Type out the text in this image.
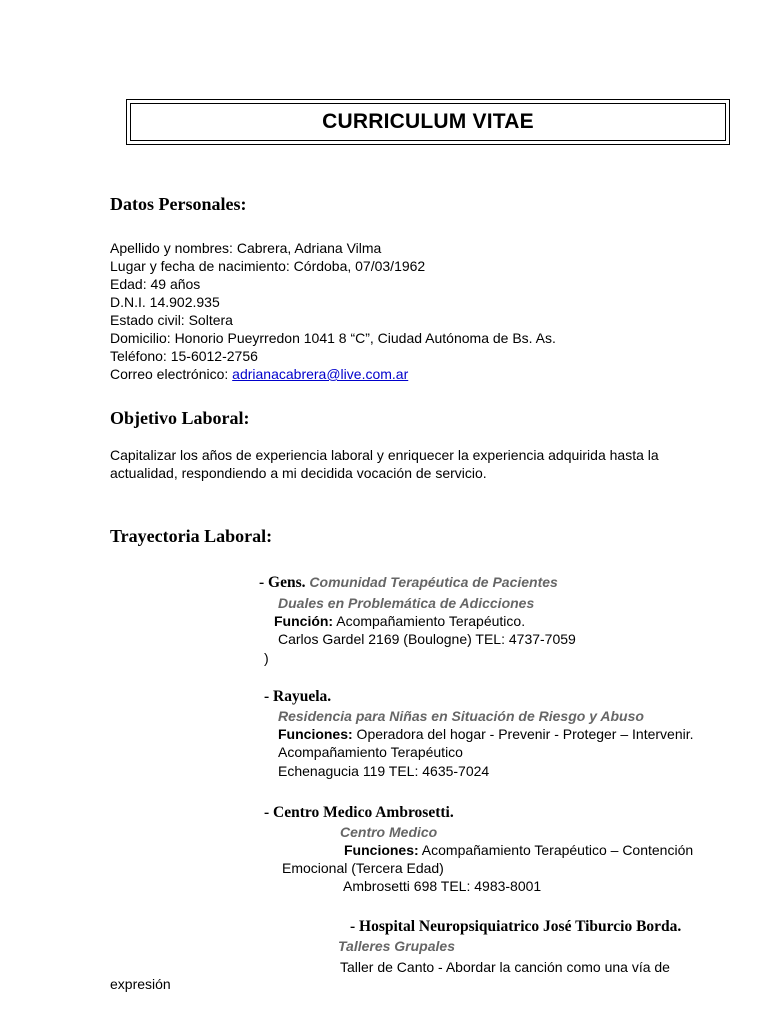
CURRICULUM VITAE
Datos Personales:
Apellido y nombres: Cabrera, Adriana Vilma
Lugar y fecha de nacimiento: Córdoba, 07/03/1962
Edad: 49 años
D.N.I. 14.902.935
Estado civil: Soltera
Domicilio: Honorio Pueyrredon 1041 8 “C”, Ciudad Autónoma de Bs. As.
Teléfono: 15-6012-2756
Correo electrónico: adrianacabrera@live.com.ar
Objetivo Laboral:
Capitalizar los años de experiencia laboral y enriquecer la experiencia adquirida hasta la
actualidad, respondiendo a mi decidida vocación de servicio.
Trayectoria Laboral:
- Gens. Comunidad Terapéutica de Pacientes
Duales en Problemática de Adicciones
Función: Acompañamiento Terapéutico.
Carlos Gardel 2169 (Boulogne) TEL: 4737-7059
)
- Rayuela.
Residencia para Niñas en Situación de Riesgo y Abuso
Funciones: Operadora del hogar - Prevenir - Proteger – Intervenir.
Acompañamiento Terapéutico
Echenagucia 119 TEL: 4635-7024
- Centro Medico Ambrosetti.
Centro Medico
Funciones: Acompañamiento Terapéutico – Contención
Emocional (Tercera Edad)
Ambrosetti 698 TEL: 4983-8001
- Hospital Neuropsiquiatrico José Tiburcio Borda.
Talleres Grupales
Taller de Canto - Abordar la canción como una vía de
expresión
